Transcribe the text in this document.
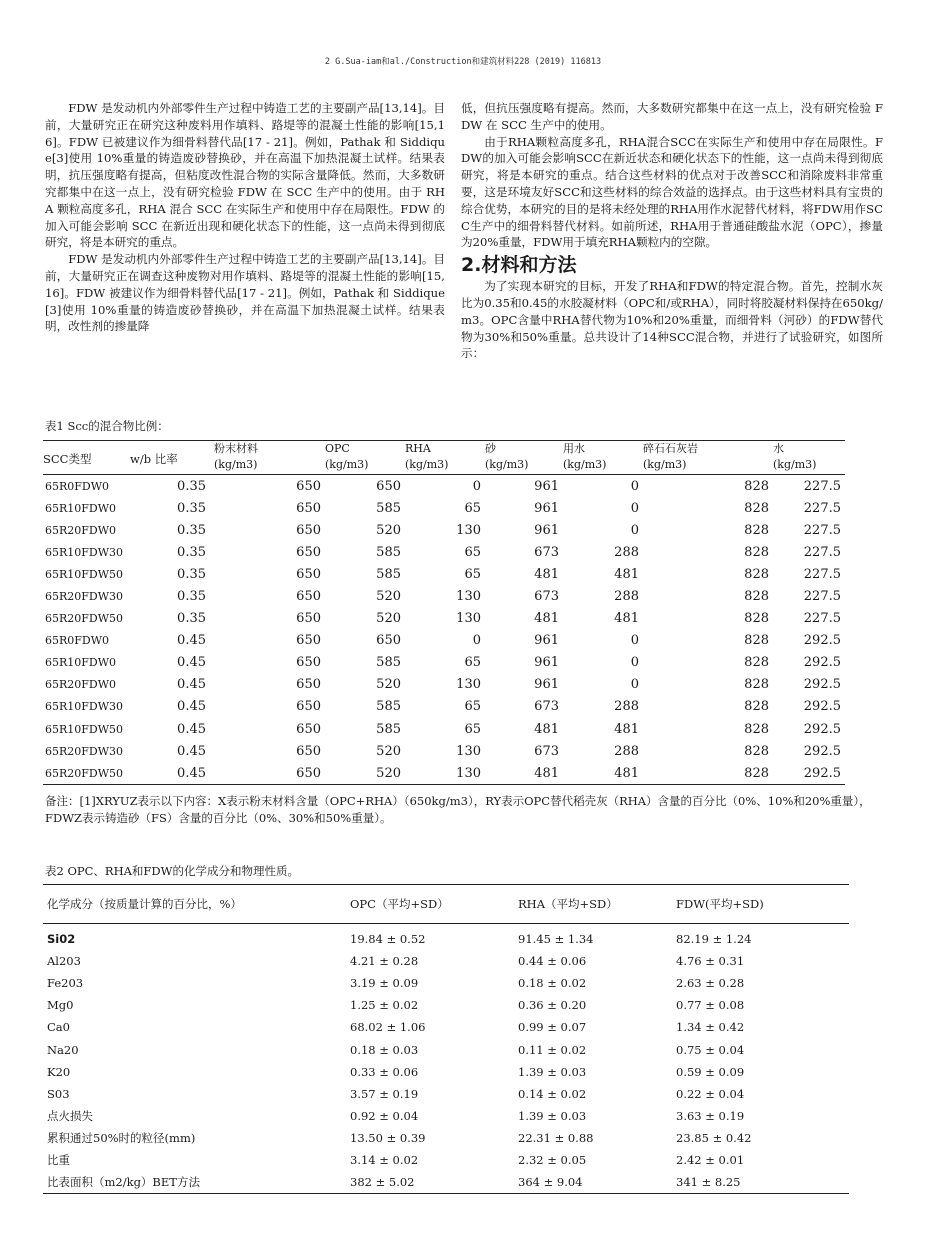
2 G.Sua-iam和al./Construction和建筑材料228 (2019) 116813

FDW 是发动机内外部零件生产过程中铸造工艺的主要副产品[13,14]。目前，大量研究正在研究这种废料用作填料、路堤等的混凝土性能的影响[15,16]。FDW 已被建议作为细骨料替代品[17 - 21]。例如，Pathak 和 Siddique[3]使用 10%重量的铸造废砂替换砂，并在高温下加热混凝土试样。结果表明，抗压强度略有提高，但粘度改性混合物的实际含量降低。然而，大多数研究都集中在这一点上，没有研究检验 FDW 在 SCC 生产中的使用。由于 RHA 颗粒高度多孔，RHA 混合 SCC 在实际生产和使用中存在局限性。FDW 的加入可能会影响 SCC 在新近出现和硬化状态下的性能，这一点尚未得到彻底研究，将是本研究的重点。

FDW 是发动机内外部零件生产过程中铸造工艺的主要副产品[13,14]。目前，大量研究正在调查这种废物对用作填料、路堤等的混凝土性能的影响[15,16]。FDW 被建议作为细骨料替代品[17 - 21]。例如，Pathak 和 Siddique[3]使用 10%重量的铸造废砂替换砂，并在高温下加热混凝土试样。结果表明，改性剂的掺量降

低，但抗压强度略有提高。然而，大多数研究都集中在这一点上，没有研究检验 FDW 在 SCC 生产中的使用。

由于RHA颗粒高度多孔，RHA混合SCC在实际生产和使用中存在局限性。FDW的加入可能会影响SCC在新近状态和硬化状态下的性能，这一点尚未得到彻底研究，将是本研究的重点。结合这些材料的优点对于改善SCC和消除废料非常重要，这是环境友好SCC和这些材料的综合效益的选择点。由于这些材料具有宝贵的综合优势，本研究的目的是将未经处理的RHA用作水泥替代材料，将FDW用作SCC生产中的细骨料替代材料。如前所述，RHA用于普通硅酸盐水泥（OPC），掺量为20%重量，FDW用于填充RHA颗粒内的空隙。

2.材料和方法

为了实现本研究的目标，开发了RHA和FDW的特定混合物。首先，控制水灰比为0.35和0.45的水胶凝材料（OPC和/或RHA），同时将胶凝材料保持在650kg/m3。OPC含量中RHA替代物为10%和20%重量，而细骨料（河砂）的FDW替代物为30%和50%重量。总共设计了14种SCC混合物，并进行了试验研究，如图所示：

表1 Scc的混合物比例：
		粉末材料	OPC	RHA	砂	用水	碎石石灰岩	水
SCC类型	w/b 比率	(kg/m3)	(kg/m3)	(kg/m3)	(kg/m3)	(kg/m3)	(kg/m3)	(kg/m3)
65R0FDW0	0.35	650	650	0	961	0	828	227.5
65R10FDW0	0.35	650	585	65	961	0	828	227.5
65R20FDW0	0.35	650	520	130	961	0	828	227.5
65R10FDW30	0.35	650	585	65	673	288	828	227.5
65R10FDW50	0.35	650	585	65	481	481	828	227.5
65R20FDW30	0.35	650	520	130	673	288	828	227.5
65R20FDW50	0.35	650	520	130	481	481	828	227.5
65R0FDW0	0.45	650	650	0	961	0	828	292.5
65R10FDW0	0.45	650	585	65	961	0	828	292.5
65R20FDW0	0.45	650	520	130	961	0	828	292.5
65R10FDW30	0.45	650	585	65	673	288	828	292.5
65R10FDW50	0.45	650	585	65	481	481	828	292.5
65R20FDW30	0.45	650	520	130	673	288	828	292.5
65R20FDW50	0.45	650	520	130	481	481	828	292.5
备注：[1]XRYUZ表示以下内容：X表示粉末材料含量（OPC+RHA）（650kg/m3），RY表示OPC替代稻壳灰（RHA）含量的百分比（0%、10%和20%重量），FDWZ表示铸造砂（FS）含量的百分比（0%、30%和50%重量）。
表2 OPC、RHA和FDW的化学成分和物理性质。
化学成分（按质量计算的百分比，%）	OPC（平均+SD）	RHA（平均+SD）	FDW(平均+SD)
Si02	19.84 ± 0.52	91.45 ± 1.34	82.19 ± 1.24
Al203	4.21 ± 0.28	0.44 ± 0.06	4.76 ± 0.31
Fe203	3.19 ± 0.09	0.18 ± 0.02	2.63 ± 0.28
Mg0	1.25 ± 0.02	0.36 ± 0.20	0.77 ± 0.08
Ca0	68.02 ± 1.06	0.99 ± 0.07	1.34 ± 0.42
Na20	0.18 ± 0.03	0.11 ± 0.02	0.75 ± 0.04
K20	0.33 ± 0.06	1.39 ± 0.03	0.59 ± 0.09
S03	3.57 ± 0.19	0.14 ± 0.02	0.22 ± 0.04
点火损失	0.92 ± 0.04	1.39 ± 0.03	3.63 ± 0.19
累积通过50%时的粒径(mm)	13.50 ± 0.39	22.31 ± 0.88	23.85 ± 0.42
比重	3.14 ± 0.02	2.32 ± 0.05	2.42 ± 0.01
比表面积（m2/kg）BET方法	382 ± 5.02	364 ± 9.04	341 ± 8.25
